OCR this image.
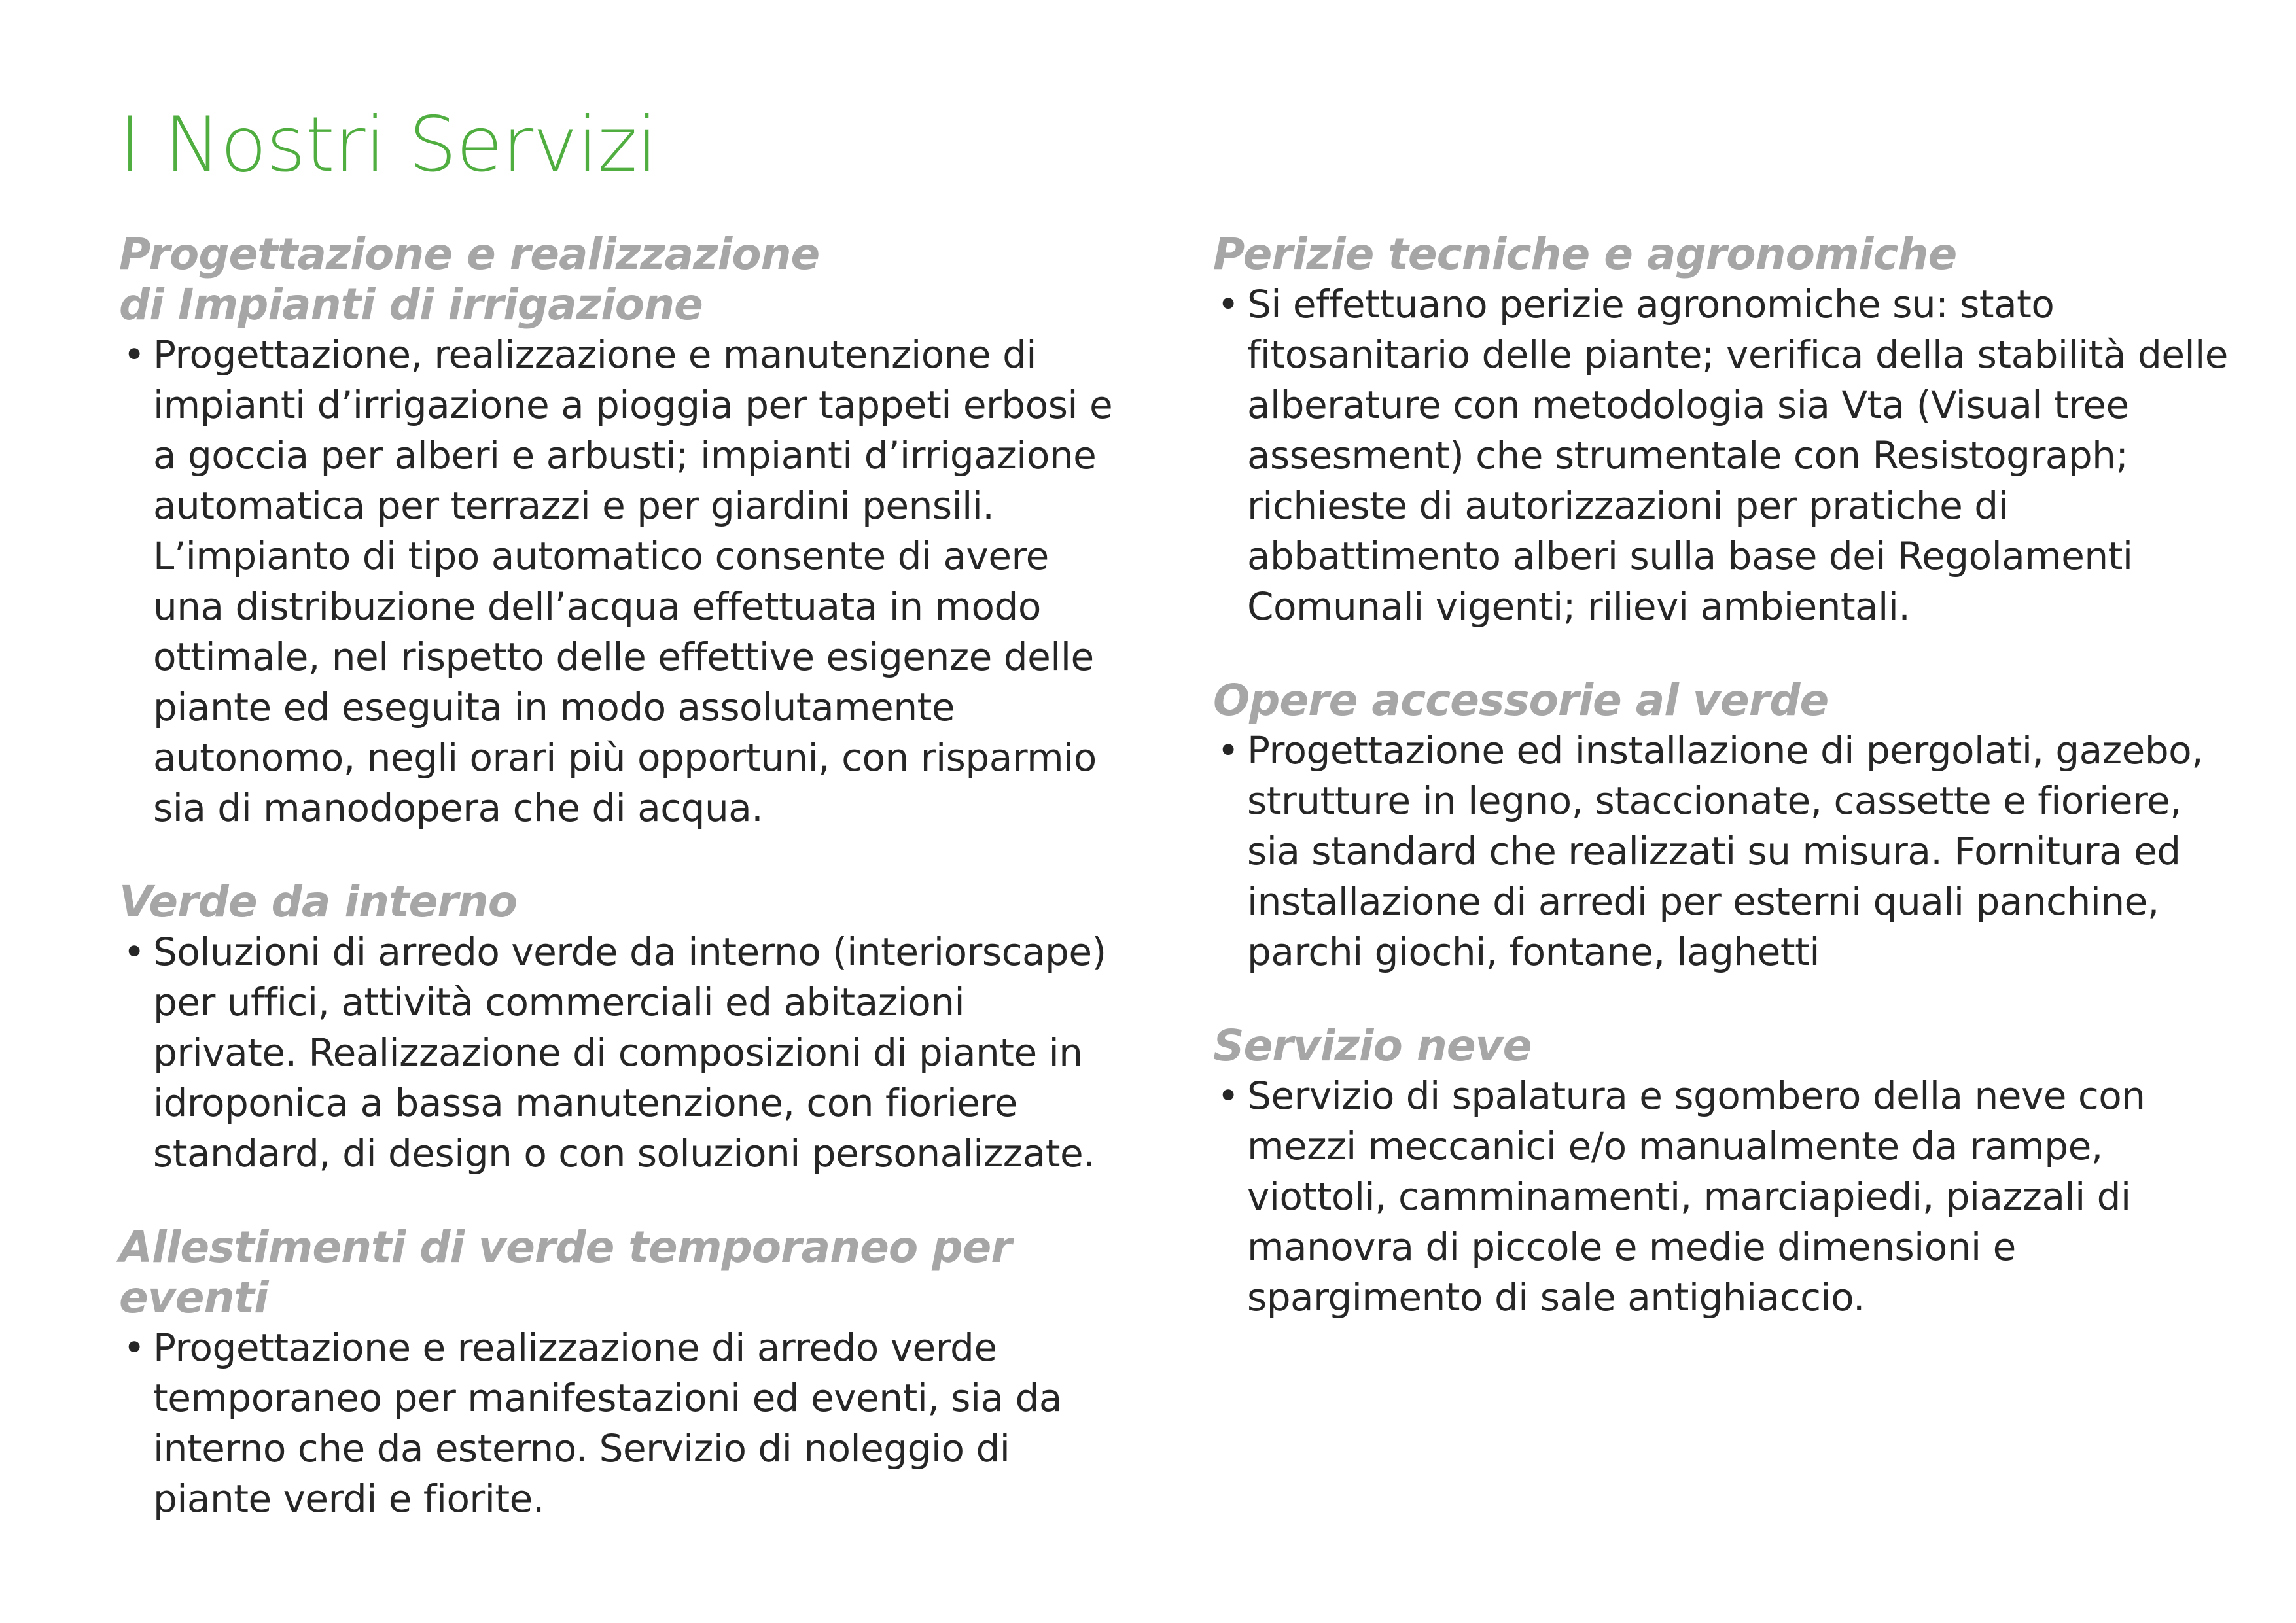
I Nostri Servizi
Progettazione e realizzazione
di Impianti di irrigazione
• Progettazione, realizzazione e manutenzione di impianti d’irrigazione a pioggia per tappeti erbosi e a goccia per alberi e arbusti; impianti d’irrigazione automatica per terrazzi e per giardini pensili. L’impianto di tipo automatico consente di avere una distribuzione dell’acqua effettuata in modo ottimale, nel rispetto delle effettive esigenze delle piante ed eseguita in modo assolutamente autonomo, negli orari più opportuni, con risparmio sia di manodopera che di acqua.
Verde da interno
• Soluzioni di arredo verde da interno (interiorscape) per uffici, attività commerciali ed abitazioni private. Realizzazione di composizioni di piante in idroponica a bassa manutenzione, con fioriere standard, di design o con soluzioni personalizzate.
Allestimenti di verde temporaneo per eventi
• Progettazione e realizzazione di arredo verde temporaneo per manifestazioni ed eventi, sia da interno che da esterno. Servizio di noleggio di piante verdi e fiorite.
Perizie tecniche e agronomiche
• Si effettuano perizie agronomiche su: stato fitosanitario delle piante; verifica della stabilità delle alberature con metodologia sia Vta (Visual tree assesment) che strumentale con Resistograph; richieste di autorizzazioni per pratiche di abbattimento alberi sulla base dei Regolamenti Comunali vigenti; rilievi ambientali.
Opere accessorie al verde
• Progettazione ed installazione di pergolati, gazebo, strutture in legno, staccionate, cassette e fioriere, sia standard che realizzati su misura. Fornitura ed installazione di arredi per esterni quali panchine, parchi giochi, fontane, laghetti
Servizio neve
• Servizio di spalatura e sgombero della neve con mezzi meccanici e/o manualmente da rampe, viottoli, camminamenti, marciapiedi, piazzali di manovra di piccole e medie dimensioni e spargimento di sale antighiaccio.
